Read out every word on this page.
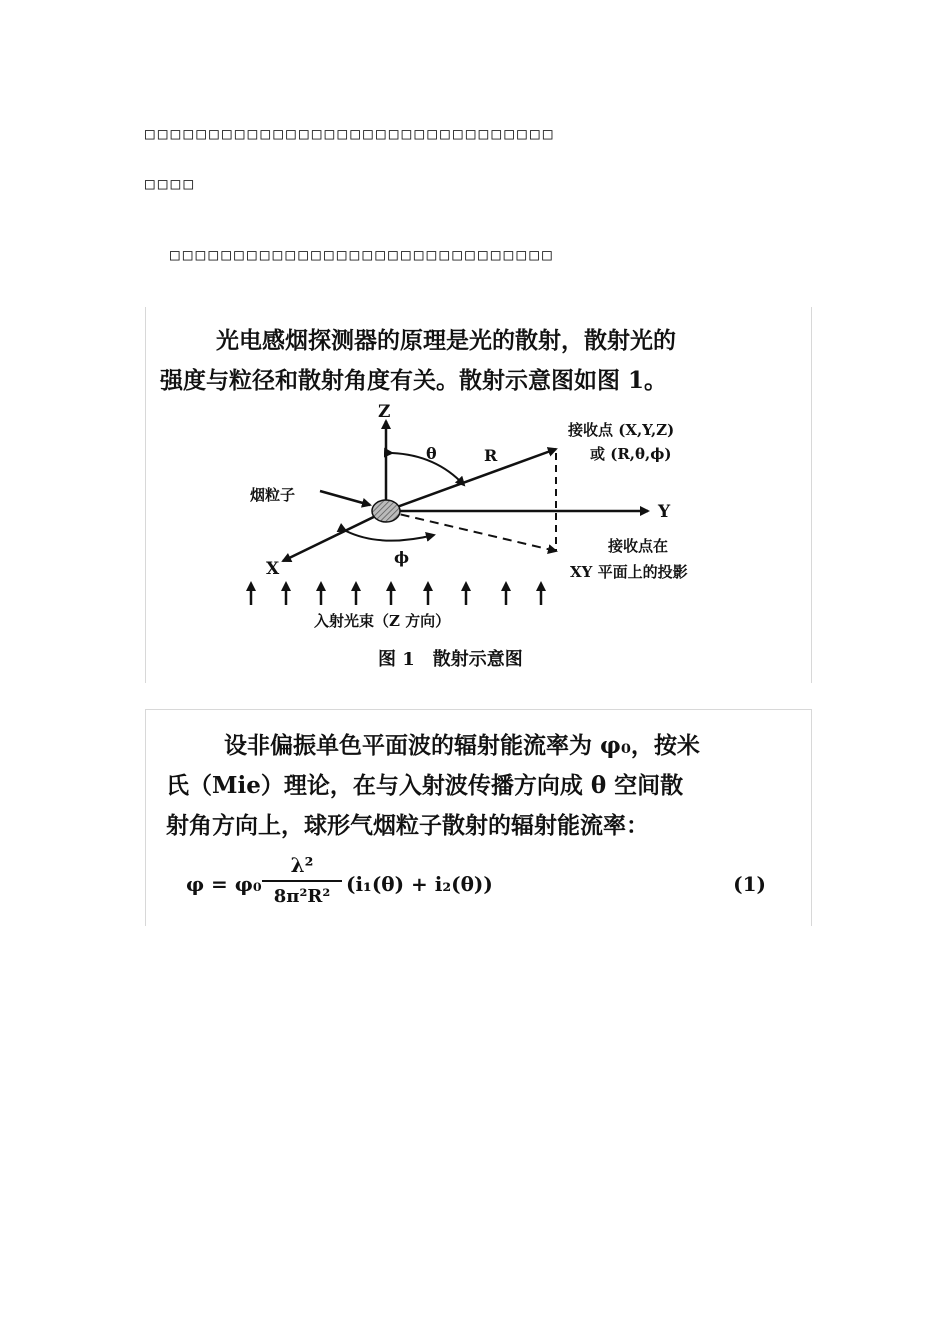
□□□□□□□□□□□□□□□□□□□□□□□□□□□□□□□□
□□□□
□□□□□□□□□□□□□□□□□□□□□□□□□□□□□□
光电感烟探测器的原理是光的散射，散射光的
强度与粒径和散射角度有关。散射示意图如图 1。
Z
Y
X
θ	R
ϕ
烟粒子
接收点 (X,Y,Z)
或 (R,θ,ϕ)
接收点在
XY 平面上的投影
入射光束（Z 方向）
图 1　散射示意图
设非偏振单色平面波的辐射能流率为 φ₀，按米
氏（Mie）理论，在与入射波传播方向成 θ 空间散
射角方向上，球形气烟粒子散射的辐射能流率：
$\varphi = \varphi_0 \frac{\text{λ²}}{\text{8π²R²}} (i_1(\theta) + i_2(\theta))$	(1)
